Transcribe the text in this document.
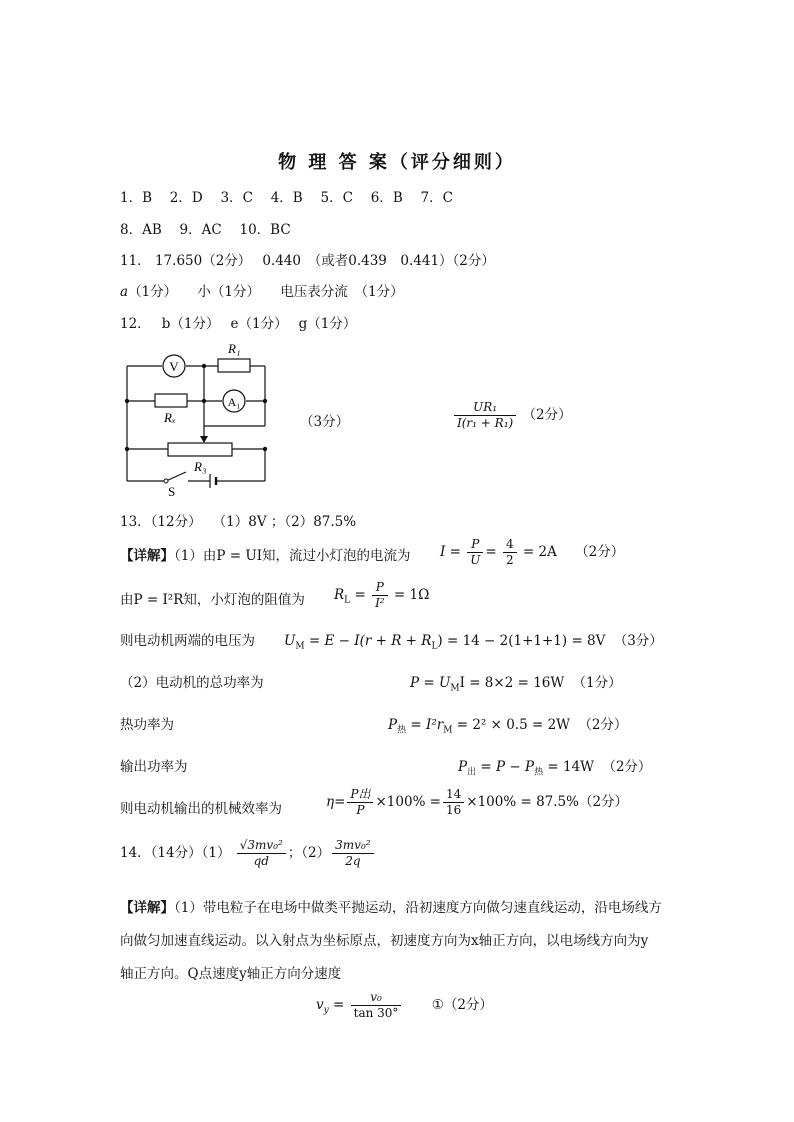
物 理 答 案（评分细则）
1．B　 2．D　 3．C　 4．B　 5．C　 6．B　 7．C
8．AB　 9．AC　 10．BC
11． 17.650（2分）　 0.440　（或者0.439　0.441）（2分）
a（1分）　　小（1分）　　电压表分流　（1分）
12．　 b（1分）　 e（1分）　 g（1分）
V
A₁
R₁
Rₓ
R₃
S
（3分）	$\frac{\text{UR₁}}{\text{I(r₁ + R₁)}} (2$分）
13．（12分）　 （1）8V ；（2）87.5%
【详解】（1）由P = UI知，流过小灯泡的电流为 $I = \frac{P}{U} = \frac{4}{2} = 2A$ （2分）
由P = I²R知，小灯泡的阻值为 $R_L = \frac{P}{\text{I²}} = 1\Omega$
则电动机两端的电压为 $U_M = E - I(r + R + R_L) = 14 - 2(1+1+1) = 8V$ （3分）
（2）电动机的总功率为	$P = U_MI = 8\times 2 = 16W$ （1分）
热功率为	$P_热 = I^2r_M = 2^2 \times 0.5 = 2W$ （2分）
输出功率为	$P_出 = P - P_热 = 14W$ （2分）
则电动机输出的机械效率为	$\eta= \frac{\text{P出}}{P} \times 100\% = \frac{14}{16} \times 100\% = 87.5\%(2$分）
14．（14分）$(1) \frac{\text{√3mv₀²}}{qd}$ ；$(2) \frac{\text{3mv₀²}}{2q}$
【详解】（1）带电粒子在电场中做类平抛运动，沿初速度方向做匀速直线运动，沿电场线方
向做匀加速直线运动。以入射点为坐标原点，初速度方向为x轴正方向，以电场线方向为y
轴正方向。Q点速度y轴正方向分速度
$v_y = \frac{\text{v₀}}{\tan 30^\circ}$ ①（2分）
